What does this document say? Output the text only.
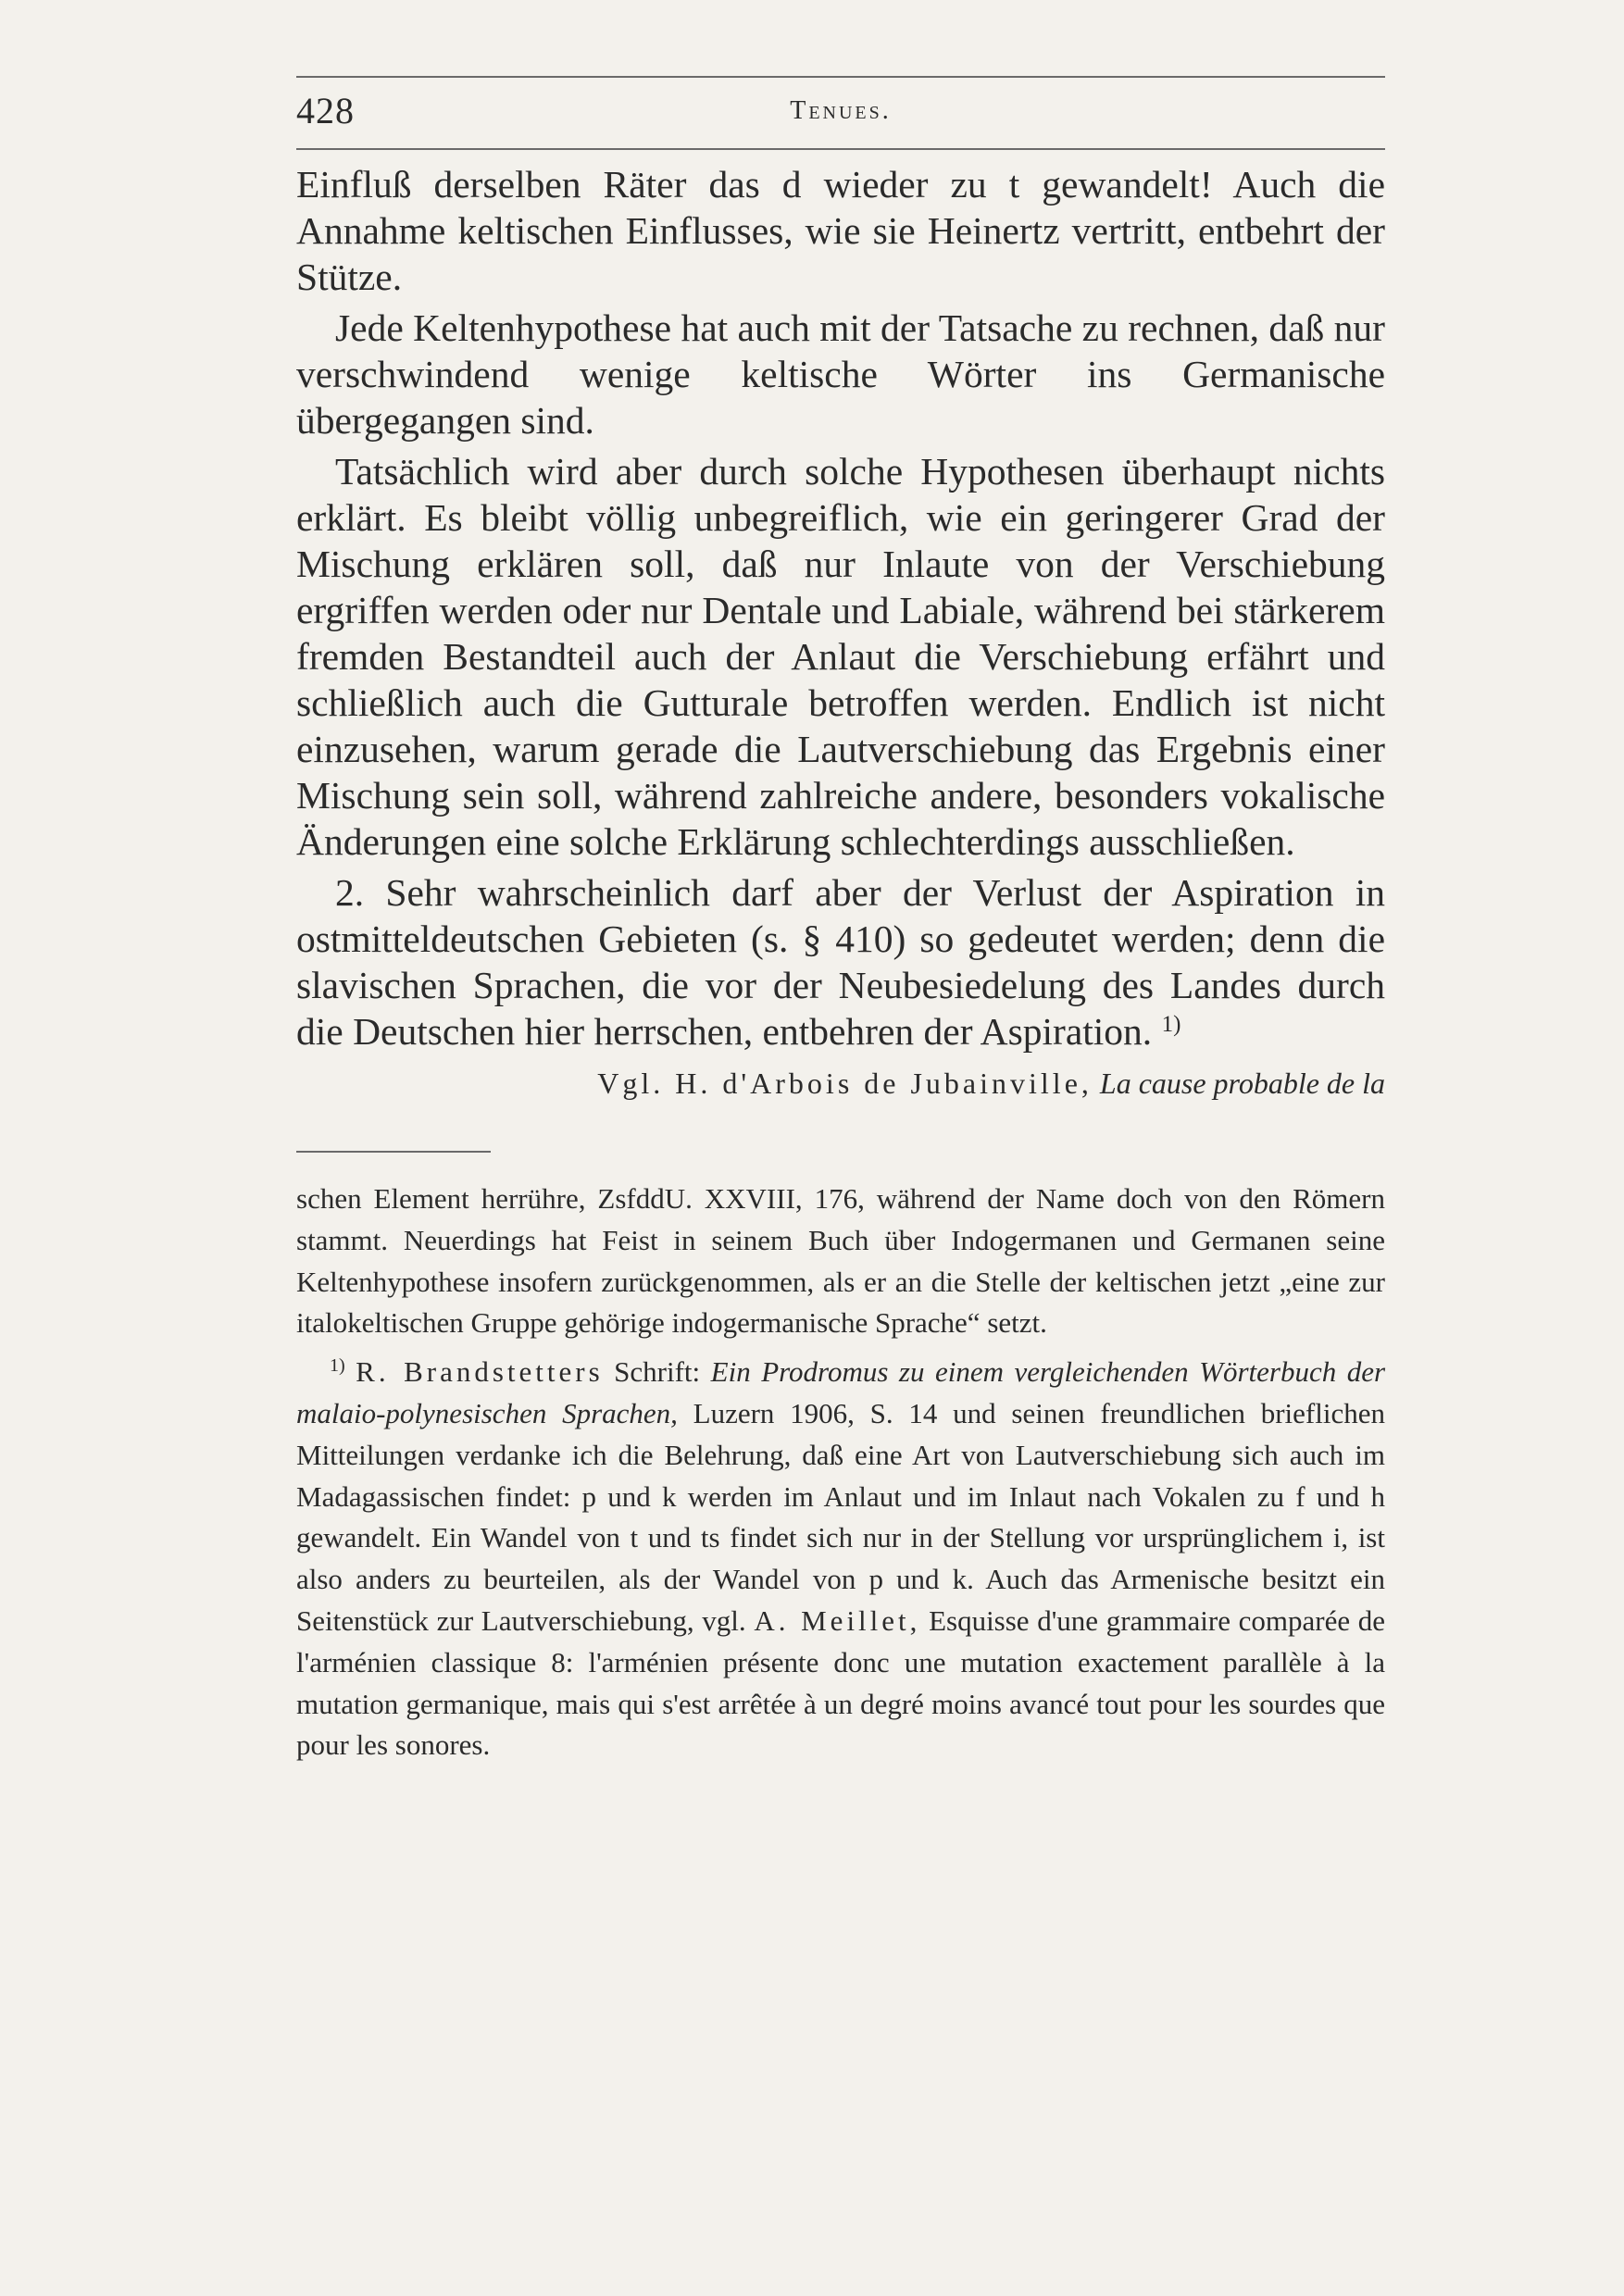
428	Tenues.

Einfluß derselben Räter das d wieder zu t gewandelt! Auch die Annahme keltischen Einflusses, wie sie Heinertz vertritt, entbehrt der Stütze.

Jede Keltenhypothese hat auch mit der Tatsache zu rechnen, daß nur verschwindend wenige keltische Wörter ins Germanische übergegangen sind.

Tatsächlich wird aber durch solche Hypothesen überhaupt nichts erklärt. Es bleibt völlig unbegreiflich, wie ein geringerer Grad der Mischung erklären soll, daß nur Inlaute von der Verschiebung ergriffen werden oder nur Dentale und Labiale, während bei stärkerem fremden Bestandteil auch der Anlaut die Verschiebung erfährt und schließlich auch die Gutturale betroffen werden. Endlich ist nicht einzusehen, warum gerade die Lautverschiebung das Ergebnis einer Mischung sein soll, während zahlreiche andere, besonders vokalische Änderungen eine solche Erklärung schlechterdings ausschließen.

2. Sehr wahrscheinlich darf aber der Verlust der Aspiration in ostmitteldeutschen Gebieten (s. § 410) so gedeutet werden; denn die slavischen Sprachen, die vor der Neubesiedelung des Landes durch die Deutschen hier herrschen, entbehren der Aspiration. $^{1)}$

Vgl. H. d'Arbois de Jubainville, La cause probable de la

schen Element herrühre, ZsfddU. XXVIII, 176, während der Name doch von den Römern stammt. Neuerdings hat Feist in seinem Buch über Indogermanen und Germanen seine Keltenhypothese insofern zurückgenommen, als er an die Stelle der keltischen jetzt „eine zur italokeltischen Gruppe gehörige indogermanische Sprache“ setzt.

$^{1)}$ R. Brandstetters Schrift: Ein Prodromus zu einem vergleichenden Wörterbuch der malaio-polynesischen Sprachen, Luzern 1906, S. 14 und seinen freundlichen brieflichen Mitteilungen verdanke ich die Belehrung, daß eine Art von Lautverschiebung sich auch im Madagassischen findet: p und k werden im Anlaut und im Inlaut nach Vokalen zu f und h gewandelt. Ein Wandel von t und ts findet sich nur in der Stellung vor ursprünglichem i, ist also anders zu beurteilen, als der Wandel von p und k. Auch das Armenische besitzt ein Seitenstück zur Lautverschiebung, vgl. A. Meillet, Esquisse d'une grammaire comparée de l'arménien classique 8: l'arménien présente donc une mutation exactement parallèle à la mutation germanique, mais qui s'est arrêtée à un degré moins avancé tout pour les sourdes que pour les sonores.
